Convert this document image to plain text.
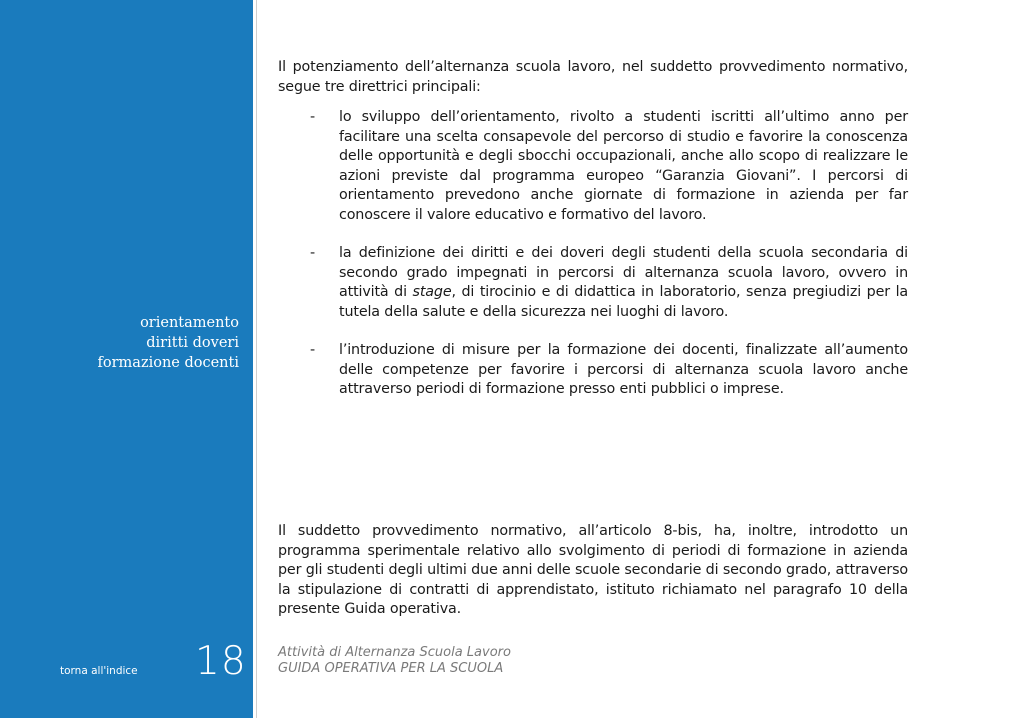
orientamento
diritti doveri
formazione docenti
torna all'indice 18

Il potenziamento dell’alternanza scuola lavoro, nel suddetto provvedimento normativo, segue tre direttrici principali:

- lo sviluppo dell’orientamento, rivolto a studenti iscritti all’ultimo anno per facilitare una scelta consapevole del percorso di studio e favorire la conoscenza delle opportunità e degli sbocchi occupazionali, anche allo scopo di realizzare le azioni previste dal programma europeo “Garanzia Giovani”. I percorsi di orientamento prevedono anche giornate di formazione in azienda per far conoscere il valore educativo e formativo del lavoro.
- la definizione dei diritti e dei doveri degli studenti della scuola secondaria di secondo grado impegnati in percorsi di alternanza scuola lavoro, ovvero in attività di stage, di tirocinio e di didattica in laboratorio, senza pregiudizi per la tutela della salute e della sicurezza nei luoghi di lavoro.
- l’introduzione di misure per la formazione dei docenti, finalizzate all’aumento delle competenze per favorire i percorsi di alternanza scuola lavoro anche attraverso periodi di formazione presso enti pubblici o imprese.

Il suddetto provvedimento normativo, all’articolo 8-bis, ha, inoltre, introdotto un programma sperimentale relativo allo svolgimento di periodi di formazione in azienda per gli studenti degli ultimi due anni delle scuole secondarie di secondo grado, attraverso la stipulazione di contratti di apprendistato, istituto richiamato nel paragrafo 10 della presente Guida operativa.

Attività di Alternanza Scuola Lavoro
GUIDA OPERATIVA PER LA SCUOLA
